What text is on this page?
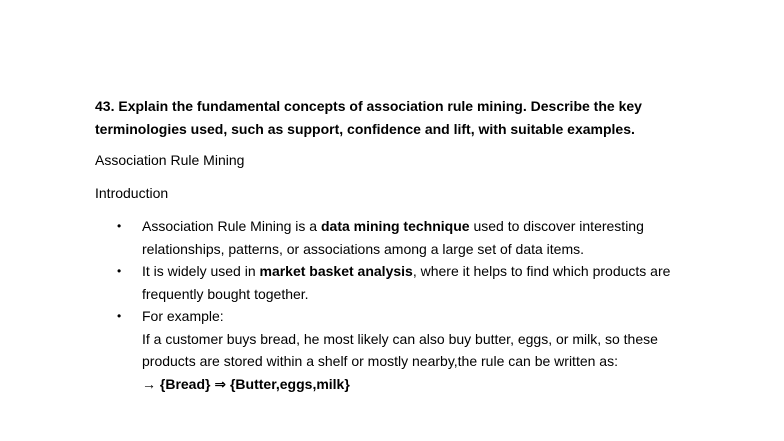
43. Explain the fundamental concepts of association rule mining. Describe the key
terminologies used, such as support, confidence and lift, with suitable examples.
Association Rule Mining
Introduction
• Association Rule Mining is a data mining technique used to discover interesting
relationships, patterns, or associations among a large set of data items.
• It is widely used in market basket analysis, where it helps to find which products are
frequently bought together.
• For example:
If a customer buys bread, he most likely can also buy butter, eggs, or milk, so these
products are stored within a shelf or mostly nearby,the rule can be written as:
→ {Bread} ⇒ {Butter,eggs,milk}
